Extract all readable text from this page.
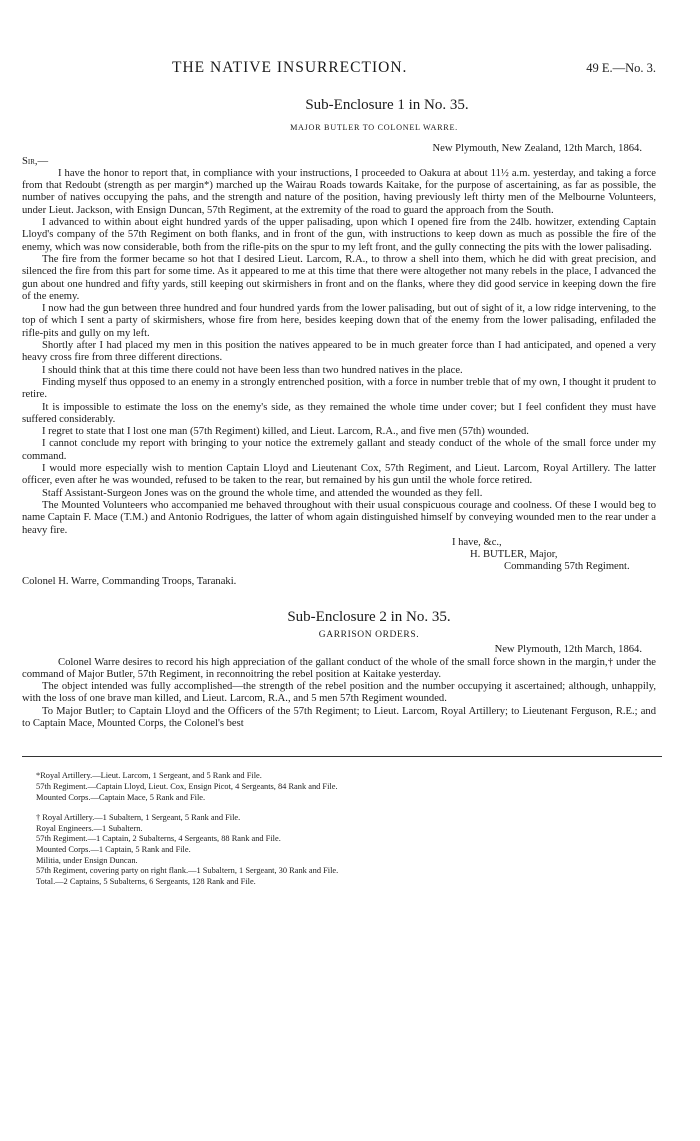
THE NATIVE INSURRECTION.	49 E.—No. 3.
Sub-Enclosure 1 in No. 35.
MAJOR BUTLER TO COLONEL WARRE.
New Plymouth, New Zealand, 12th March, 1864.
Sir,—

I have the honor to report that, in compliance with your instructions, I proceeded to Oakura at about 11½ a.m. yesterday, and taking a force from that Redoubt (strength as per margin*) marched up the Wairau Roads towards Kaitake, for the purpose of ascertaining, as far as possible, the number of natives occupying the pahs, and the strength and nature of the position, having previously left thirty men of the Melbourne Volunteers, under Lieut. Jackson, with Ensign Duncan, 57th Regiment, at the extremity of the road to guard the approach from the South.

I advanced to within about eight hundred yards of the upper palisading, upon which I opened fire from the 24lb. howitzer, extending Captain Lloyd's company of the 57th Regiment on both flanks, and in front of the gun, with instructions to keep down as much as possible the fire of the enemy, which was now considerable, both from the rifle-pits on the spur to my left front, and the gully connecting the pits with the lower palisading.

The fire from the former became so hot that I desired Lieut. Larcom, R.A., to throw a shell into them, which he did with great precision, and silenced the fire from this part for some time. As it appeared to me at this time that there were altogether not many rebels in the place, I advanced the gun about one hundred and fifty yards, still keeping out skirmishers in front and on the flanks, where they did good service in keeping down the fire of the enemy.

I now had the gun between three hundred and four hundred yards from the lower palisading, but out of sight of it, a low ridge intervening, to the top of which I sent a party of skirmishers, whose fire from here, besides keeping down that of the enemy from the lower palisading, enfiladed the rifle-pits and gully on my left.

Shortly after I had placed my men in this position the natives appeared to be in much greater force than I had anticipated, and opened a very heavy cross fire from three different directions.

I should think that at this time there could not have been less than two hundred natives in the place.

Finding myself thus opposed to an enemy in a strongly entrenched position, with a force in number treble that of my own, I thought it prudent to retire.

It is impossible to estimate the loss on the enemy's side, as they remained the whole time under cover; but I feel confident they must have suffered considerably.

I regret to state that I lost one man (57th Regiment) killed, and Lieut. Larcom, R.A., and five men (57th) wounded.

I cannot conclude my report with bringing to your notice the extremely gallant and steady conduct of the whole of the small force under my command.

I would more especially wish to mention Captain Lloyd and Lieutenant Cox, 57th Regiment, and Lieut. Larcom, Royal Artillery. The latter officer, even after he was wounded, refused to be taken to the rear, but remained by his gun until the whole force retired.

Staff Assistant-Surgeon Jones was on the ground the whole time, and attended the wounded as they fell.

The Mounted Volunteers who accompanied me behaved throughout with their usual conspicuous courage and coolness. Of these I would beg to name Captain F. Mace (T.M.) and Antonio Rodrigues, the latter of whom again distinguished himself by conveying wounded men to the rear under a heavy fire.

I have, &c.,
H. BUTLER, Major,
Commanding 57th Regiment.
Colonel H. Warre, Commanding Troops, Taranaki.
Sub-Enclosure 2 in No. 35.
GARRISON ORDERS.
New Plymouth, 12th March, 1864.

Colonel Warre desires to record his high appreciation of the gallant conduct of the whole of the small force shown in the margin,† under the command of Major Butler, 57th Regiment, in reconnoitring the rebel position at Kaitake yesterday.

The object intended was fully accomplished—the strength of the rebel position and the number occupying it ascertained; although, unhappily, with the loss of one brave man killed, and Lieut. Larcom, R.A., and 5 men 57th Regiment wounded.

To Major Butler; to Captain Lloyd and the Officers of the 57th Regiment; to Lieut. Larcom, Royal Artillery; to Lieutenant Ferguson, R.E.; and to Captain Mace, Mounted Corps, the Colonel's best

*Royal Artillery.—Lieut. Larcom, 1 Sergeant, and 5 Rank and File.
57th Regiment.—Captain Lloyd, Lieut. Cox, Ensign Picot, 4 Sergeants, 84 Rank and File.
Mounted Corps.—Captain Mace, 5 Rank and File.
† Royal Artillery.—1 Subaltern, 1 Sergeant, 5 Rank and File.
Royal Engineers.—1 Subaltern.
57th Regiment.—1 Captain, 2 Subalterns, 4 Sergeants, 88 Rank and File.
Mounted Corps.—1 Captain, 5 Rank and File.
Militia, under Ensign Duncan.
57th Regiment, covering party on right flank.—1 Subaltern, 1 Sergeant, 30 Rank and File.
Total.—2 Captains, 5 Subalterns, 6 Sergeants, 128 Rank and File.
